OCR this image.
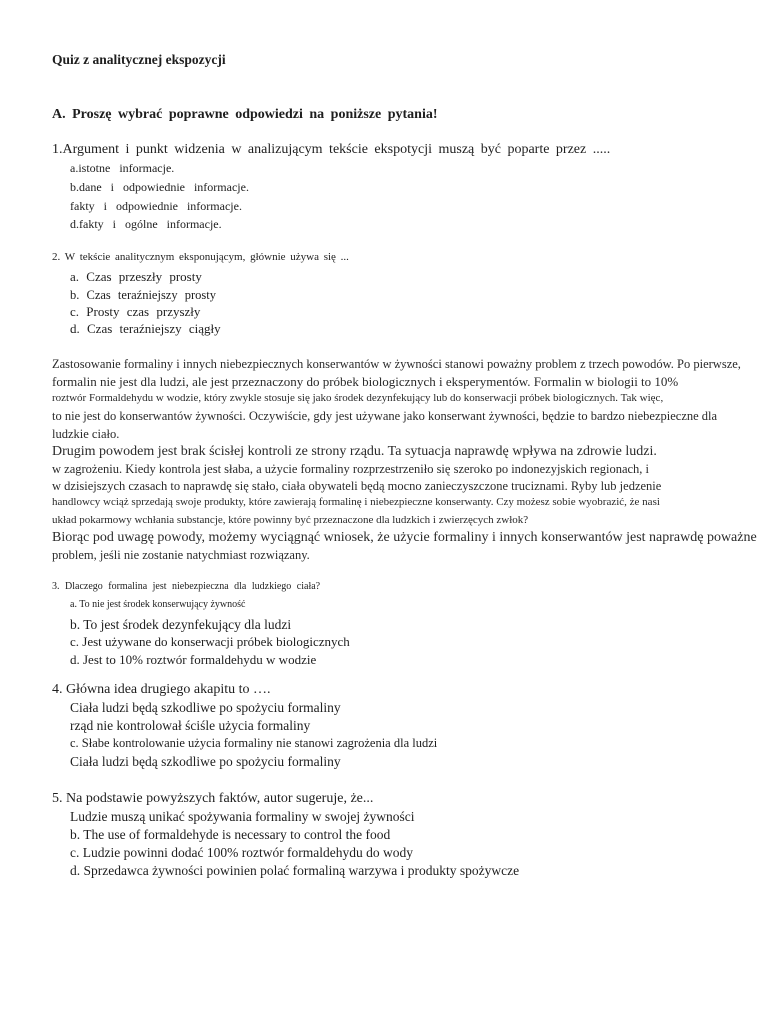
Quiz z analitycznej ekspozycji

A. Proszę wybrać poprawne odpowiedzi na poniższe pytania!

1.Argument i punkt widzenia w analizującym tekście ekspotycji muszą być poparte przez .....

a.istotne informacje.

b.dane i odpowiednie informacje.

fakty i odpowiednie informacje.

d.fakty i ogólne informacje.

2. W tekście analitycznym eksponującym, głównie używa się ...

a. Czas przeszły prosty

b. Czas teraźniejszy prosty

c. Prosty czas przyszły

d. Czas teraźniejszy ciągły

Zastosowanie formaliny i innych niebezpiecznych konserwantów w żywności stanowi poważny problem z trzech powodów. Po pierwsze,

formalin nie jest dla ludzi, ale jest przeznaczony do próbek biologicznych i eksperymentów. Formalin w biologii to 10%

roztwór Formaldehydu w wodzie, który zwykle stosuje się jako środek dezynfekujący lub do konserwacji próbek biologicznych. Tak więc,

to nie jest do konserwantów żywności. Oczywiście, gdy jest używane jako konserwant żywności, będzie to bardzo niebezpieczne dla

ludzkie ciało.

Drugim powodem jest brak ścisłej kontroli ze strony rządu. Ta sytuacja naprawdę wpływa na zdrowie ludzi.

w zagrożeniu. Kiedy kontrola jest słaba, a użycie formaliny rozprzestrzeniło się szeroko po indonezyjskich regionach, i

w dzisiejszych czasach to naprawdę się stało, ciała obywateli będą mocno zanieczyszczone truciznami. Ryby lub jedzenie

handlowcy wciąż sprzedają swoje produkty, które zawierają formalinę i niebezpieczne konserwanty. Czy możesz sobie wyobrazić, że nasi

układ pokarmowy wchłania substancje, które powinny być przeznaczone dla ludzkich i zwierzęcych zwłok?

Biorąc pod uwagę powody, możemy wyciągnąć wniosek, że użycie formaliny i innych konserwantów jest naprawdę poważne

problem, jeśli nie zostanie natychmiast rozwiązany.

3. Dlaczego formalina jest niebezpieczna dla ludzkiego ciała?

a. To nie jest środek konserwujący żywność

b. To jest środek dezynfekujący dla ludzi

c. Jest używane do konserwacji próbek biologicznych

d. Jest to 10% roztwór formaldehydu w wodzie

4. Główna idea drugiego akapitu to ….

Ciała ludzi będą szkodliwe po spożyciu formaliny

rząd nie kontrolował ściśle użycia formaliny

c. Słabe kontrolowanie użycia formaliny nie stanowi zagrożenia dla ludzi

Ciała ludzi będą szkodliwe po spożyciu formaliny

5. Na podstawie powyższych faktów, autor sugeruje, że...

Ludzie muszą unikać spożywania formaliny w swojej żywności

b. The use of formaldehyde is necessary to control the food

c. Ludzie powinni dodać 100% roztwór formaldehydu do wody

d. Sprzedawca żywności powinien polać formaliną warzywa i produkty spożywcze
